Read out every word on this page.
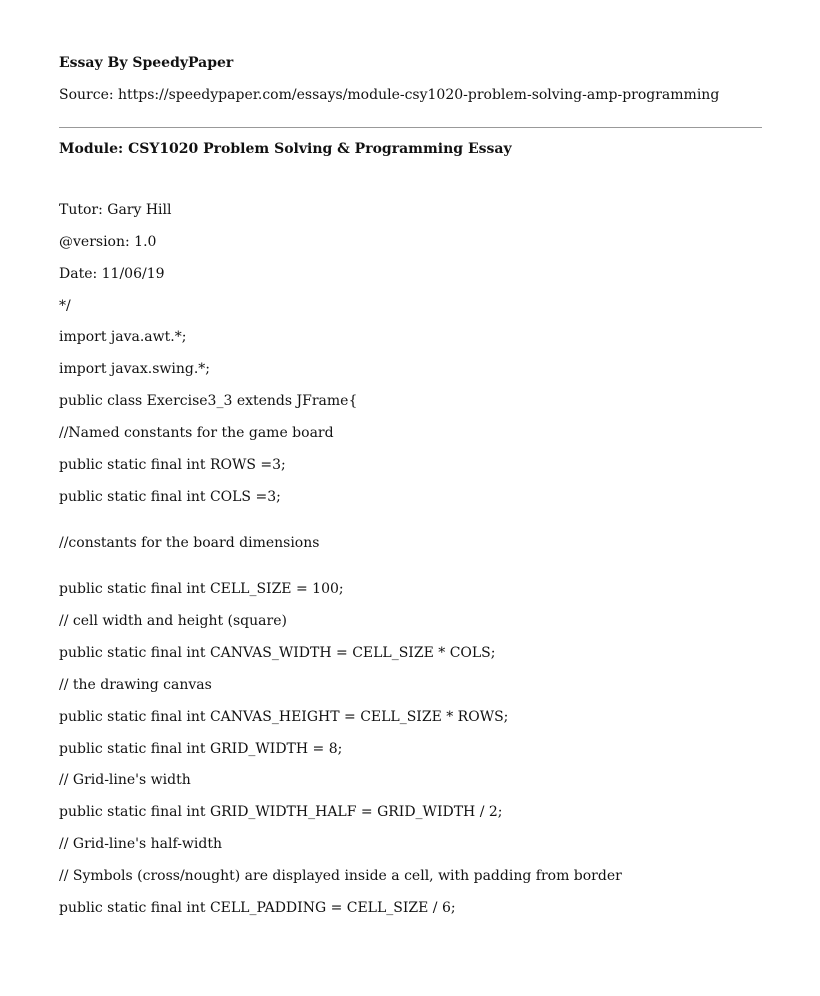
Essay By SpeedyPaper
Source: https://speedypaper.com/essays/module-csy1020-problem-solving-amp-programming
Module: CSY1020 Problem Solving & Programming Essay
Tutor: Gary Hill
@version: 1.0
Date: 11/06/19
*/
import java.awt.*;
import javax.swing.*;
public class Exercise3_3 extends JFrame{
//Named constants for the game board
public static final int ROWS =3;
public static final int COLS =3;
//constants for the board dimensions
public static final int CELL_SIZE = 100;
// cell width and height (square)
public static final int CANVAS_WIDTH = CELL_SIZE * COLS;
// the drawing canvas
public static final int CANVAS_HEIGHT = CELL_SIZE * ROWS;
public static final int GRID_WIDTH = 8;
// Grid-line's width
public static final int GRID_WIDTH_HALF = GRID_WIDTH / 2;
// Grid-line's half-width
// Symbols (cross/nought) are displayed inside a cell, with padding from border
public static final int CELL_PADDING = CELL_SIZE / 6;
